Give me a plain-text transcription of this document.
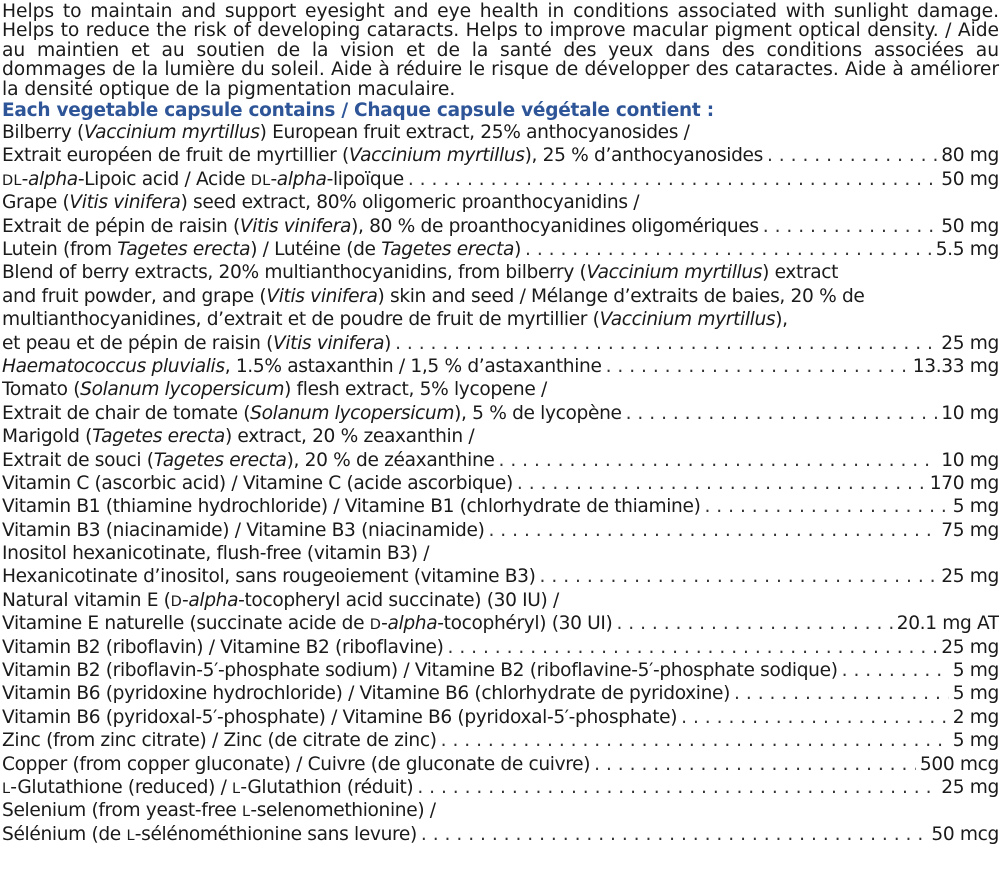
Helps to maintain and support eyesight and eye health in conditions associated with sunlight damage. Helps to reduce the risk of developing cataracts. Helps to improve macular pigment optical density. / Aide au maintien et au soutien de la vision et de la santé des yeux dans des conditions associées au dommages de la lumière du soleil. Aide à réduire le risque de développer des cataractes. Aide à améliorer la densité optique de la pigmentation maculaire.

Each vegetable capsule contains / Chaque capsule végétale contient :
Bilberry (Vaccinium myrtillus) European fruit extract, 25% anthocyanosides /
Extrait européen de fruit de myrtillier (Vaccinium myrtillus), 25 % d’anthocyanosides . . .	80 mg
DL-alpha-Lipoic acid / Acide DL-alpha-lipoïque . . .	50 mg
Grape (Vitis vinifera) seed extract, 80% oligomeric proanthocyanidins /
Extrait de pépin de raisin (Vitis vinifera), 80 % de proanthocyanidines oligomériques . . .	50 mg
Lutein (from Tagetes erecta) / Lutéine (de Tagetes erecta) . . .	5.5 mg
Blend of berry extracts, 20% multianthocyanidins, from bilberry (Vaccinium myrtillus) extract
and fruit powder, and grape (Vitis vinifera) skin and seed / Mélange d’extraits de baies, 20 % de
multianthocyanidines, d’extrait et de poudre de fruit de myrtillier (Vaccinium myrtillus),
et peau et de pépin de raisin (Vitis vinifera) . . .	25 mg
Haematococcus pluvialis, 1.5% astaxanthin / 1,5 % d’astaxanthine . . .	13.33 mg
Tomato (Solanum lycopersicum) flesh extract, 5% lycopene /
Extrait de chair de tomate (Solanum lycopersicum), 5 % de lycopène . . .	10 mg
Marigold (Tagetes erecta) extract, 20 % zeaxanthin /
Extrait de souci (Tagetes erecta), 20 % de zéaxanthine . . .	10 mg
Vitamin C (ascorbic acid) / Vitamine C (acide ascorbique) . . .	170 mg
Vitamin B1 (thiamine hydrochloride) / Vitamine B1 (chlorhydrate de thiamine) . . .	5 mg
Vitamin B3 (niacinamide) / Vitamine B3 (niacinamide) . . .	75 mg
Inositol hexanicotinate, flush-free (vitamin B3) /
Hexanicotinate d’inositol, sans rougeoiement (vitamine B3) . . .	25 mg
Natural vitamin E (D-alpha-tocopheryl acid succinate) (30 IU) /
Vitamine E naturelle (succinate acide de D-alpha-tocophéryl) (30 UI) . . .	20.1 mg AT
Vitamin B2 (riboflavin) / Vitamine B2 (riboflavine) . . .	25 mg
Vitamin B2 (riboflavin-5′-phosphate sodium) / Vitamine B2 (riboflavine-5′-phosphate sodique) . . .	5 mg
Vitamin B6 (pyridoxine hydrochloride) / Vitamine B6 (chlorhydrate de pyridoxine) . . .	5 mg
Vitamin B6 (pyridoxal-5′-phosphate) / Vitamine B6 (pyridoxal-5′-phosphate) . . .	2 mg
Zinc (from zinc citrate) / Zinc (de citrate de zinc) . . .	5 mg
Copper (from copper gluconate) / Cuivre (de gluconate de cuivre) . . .	500 mcg
L-Glutathione (reduced) / L-Glutathion (réduit) . . .	25 mg
Selenium (from yeast-free L-selenomethionine) /
Sélénium (de L-sélénométhionine sans levure) . . .	50 mcg
